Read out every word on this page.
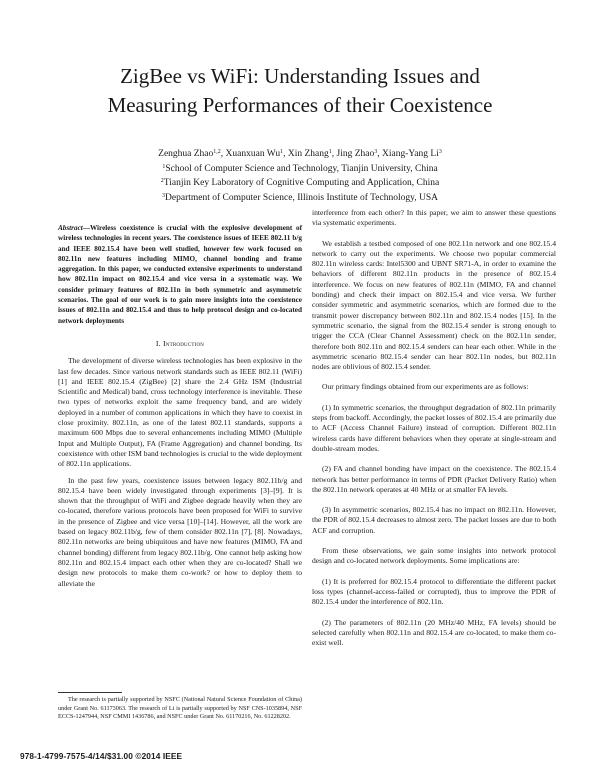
ZigBee vs WiFi: Understanding Issues and
Measuring Performances of their Coexistence
Zenghua Zhao$^{1,2}$, Xuanxuan Wu$^1$, Xin Zhang$^1$, Jing Zhao$^3$, Xiang-Yang Li$^3$
$^1$School of Computer Science and Technology, Tianjin University, China
$^2$Tianjin Key Laboratory of Cognitive Computing and Application, China
$^3$Department of Computer Science, Illinois Institute of Technology, USA
Abstract—Wireless coexistence is crucial with the explosive development of wireless technologies in recent years. The coexistence issues of IEEE 802.11 b/g and IEEE 802.15.4 have been well studied, however few work focused on 802.11n new features including MIMO, channel bonding and frame aggregation. In this paper, we conducted extensive experiments to understand how 802.11n impact on 802.15.4 and vice versa in a systematic way. We consider primary features of 802.11n in both symmetric and asymmetric scenarios. The goal of our work is to gain more insights into the coexistence issues of 802.11n and 802.15.4 and thus to help protocol design and co-located network deployments
I. Introduction

The development of diverse wireless technologies has been explosive in the last few decades. Since various network standards such as IEEE 802.11 (WiFi) [1] and IEEE 802.15.4 (ZigBee) [2] share the 2.4 GHz ISM (Industrial Scientific and Medical) band, cross technology interference is inevitable. These two types of networks exploit the same frequency band, and are widely deployed in a number of common applications in which they have to coexist in close proximity. 802.11n, as one of the latest 802.11 standards, supports a maximum 600 Mbps due to several enhancements including MIMO (Multiple Input and Multiple Output), FA (Frame Aggregation) and channel bonding. Its coexistence with other ISM band technologies is crucial to the wide deployment of 802.11n applications.

In the past few years, coexistence issues between legacy 802.11b/g and 802.15.4 have been widely investigated through experiments [3]–[9]. It is shown that the throughput of WiFi and Zigbee degrade heavily when they are co-located, therefore various protocols have been proposed for WiFi to survive in the presence of Zigbee and vice versa [10]–[14]. However, all the work are based on legacy 802.11b/g, few of them consider 802.11n [7], [8]. Nowadays, 802.11n networks are being ubiquitous and have new features (MIMO, FA and channel bonding) different from legacy 802.11b/g. One cannot help asking how 802.11n and 802.15.4 impact each other when they are co-located? Shall we design new protocols to make them co-work? or how to deploy them to alleviate the

interference from each other? In this paper, we aim to answer these questions via systematic experiments.

We establish a testbed composed of one 802.11n network and one 802.15.4 network to carry out the experiments. We choose two popular commercial 802.11n wireless cards: Intel5300 and UBNT SR71-A, in order to examine the behaviors of different 802.11n products in the presence of 802.15.4 interference. We focus on new features of 802.11n (MIMO, FA and channel bonding) and check their impact on 802.15.4 and vice versa. We further consider symmetric and asymmetric scenarios, which are formed due to the transmit power discrepancy between 802.11n and 802.15.4 nodes [15]. In the symmetric scenario, the signal from the 802.15.4 sender is strong enough to trigger the CCA (Clear Channel Assessment) check on the 802.11n sender, therefore both 802.11n and 802.15.4 senders can hear each other. While in the asymmetric scenario 802.15.4 sender can hear 802.11n nodes, but 802.11n nodes are oblivious of 802.15.4 sender.

Our primary findings obtained from our experiments are as follows:

(1) In symmetric scenarios, the throughput degradation of 802.11n primarily steps from backoff. Accordingly, the packet losses of 802.15.4 are primarily due to ACF (Access Channel Failure) instead of corruption. Different 802.11n wireless cards have different behaviors when they operate at single-stream and double-stream modes.

(2) FA and channel bonding have impact on the coexistence. The 802.15.4 network has better performance in terms of PDR (Packet Delivery Ratio) when the 802.11n network operates at 40 MHz or at smaller FA levels.

(3) In asymmetric scenarios, 802.15.4 has no impact on 802.11n. However, the PDR of 802.15.4 decreases to almost zero. The packet losses are due to both ACF and corruption.

From these observations, we gain some insights into network protocol design and co-located network deployments. Some implications are:

(1) It is preferred for 802.15.4 protocol to differentiate the different packet loss types (channel-access-failed or corrupted), thus to improve the PDR of 802.15.4 under the interference of 802.11n.

(2) The parameters of 802.11n (20 MHz/40 MHz, FA levels) should be selected carefully when 802.11n and 802.15.4 are co-located, to make them co-exist well.

The research is partially supported by NSFC (National Natural Science Foundation of China) under Grant No. 61173063. The research of Li is partially supported by NSF CNS-1035894, NSF ECCS-1247944, NSF CMMI 1436786, and NSFC under Grant No. 61170216, No. 61228202.
978-1-4799-7575-4/14/$31.00 ©2014 IEEE
